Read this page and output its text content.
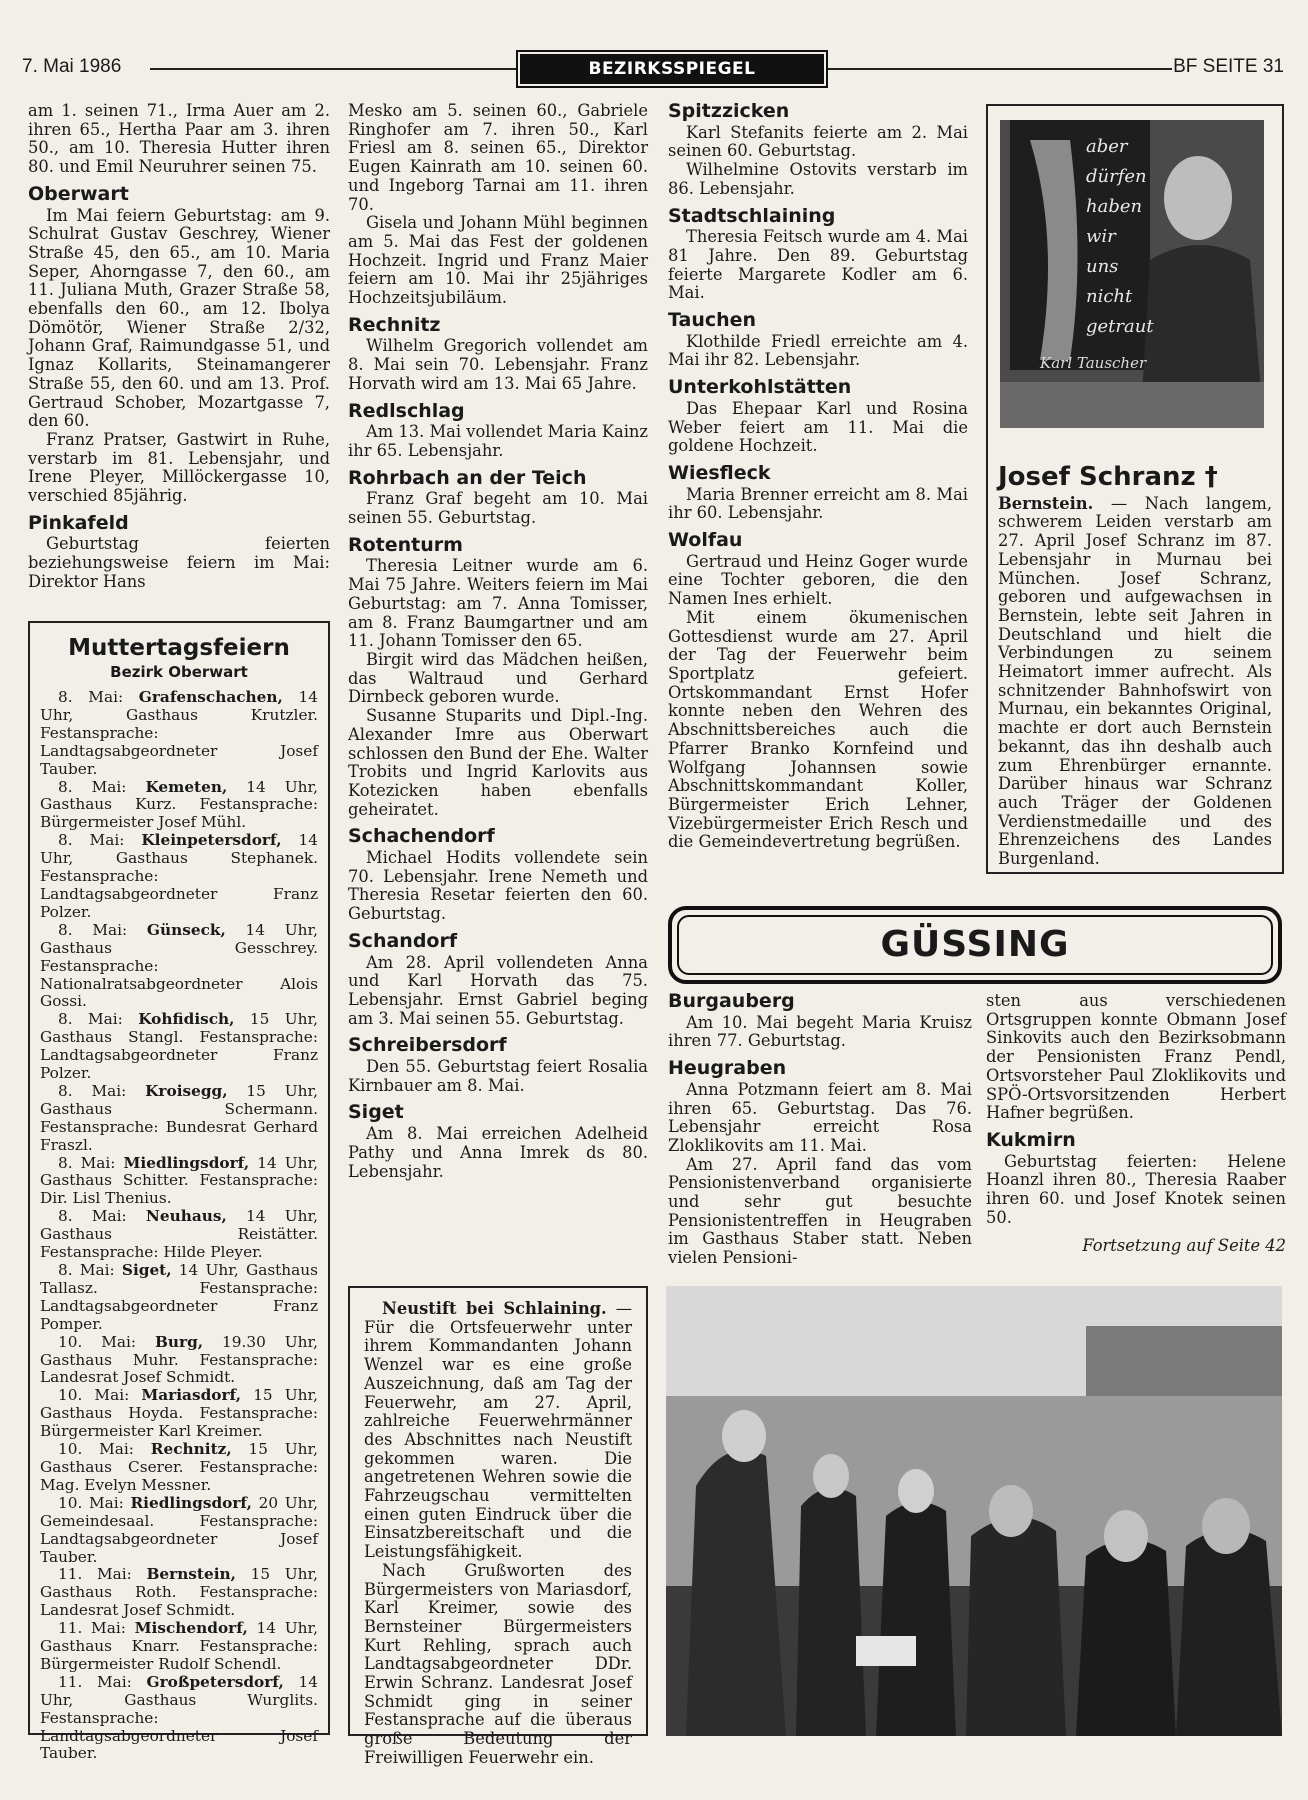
7. Mai 1986	BEZIRKSSPIEGEL	BF SEITE 31

am 1. seinen 71., Irma Auer am 2. ihren 65., Hertha Paar am 3. ihren 50., am 10. Theresia Hutter ihren 80. und Emil Neuruhrer seinen 75.

Oberwart

Im Mai feiern Geburtstag: am 9. Schulrat Gustav Geschrey, Wiener Straße 45, den 65., am 10. Maria Seper, Ahorngasse 7, den 60., am 11. Juliana Muth, Grazer Straße 58, ebenfalls den 60., am 12. Ibolya Dömötör, Wiener Straße 2/32, Johann Graf, Raimundgasse 51, und Ignaz Kollarits, Steinamangerer Straße 55, den 60. und am 13. Prof. Gertraud Schober, Mozartgasse 7, den 60.

Franz Pratser, Gastwirt in Ruhe, verstarb im 81. Lebensjahr, und Irene Pleyer, Millöckergasse 10, verschied 85jährig.

Pinkafeld

Geburtstag feierten beziehungsweise feiern im Mai: Direktor Hans

Muttertagsfeiern
Bezirk Oberwart

8. Mai: Grafenschachen, 14 Uhr, Gasthaus Krutzler. Festansprache: Landtagsabgeordneter Josef Tauber.

8. Mai: Kemeten, 14 Uhr, Gasthaus Kurz. Festansprache: Bürgermeister Josef Mühl.

8. Mai: Kleinpetersdorf, 14 Uhr, Gasthaus Stephanek. Festansprache: Landtagsabgeordneter Franz Polzer.

8. Mai: Günseck, 14 Uhr, Gasthaus Gesschrey. Festansprache: Nationalratsabgeordneter Alois Gossi.

8. Mai: Kohfidisch, 15 Uhr, Gasthaus Stangl. Festansprache: Landtagsabgeordneter Franz Polzer.

8. Mai: Kroisegg, 15 Uhr, Gasthaus Schermann. Festansprache: Bundesrat Gerhard Fraszl.

8. Mai: Miedlingsdorf, 14 Uhr, Gasthaus Schitter. Festansprache: Dir. Lisl Thenius.

8. Mai: Neuhaus, 14 Uhr, Gasthaus Reistätter. Festansprache: Hilde Pleyer.

8. Mai: Siget, 14 Uhr, Gasthaus Tallasz. Festansprache: Landtagsabgeordneter Franz Pomper.

10. Mai: Burg, 19.30 Uhr, Gasthaus Muhr. Festansprache: Landesrat Josef Schmidt.

10. Mai: Mariasdorf, 15 Uhr, Gasthaus Hoyda. Festansprache: Bürgermeister Karl Kreimer.

10. Mai: Rechnitz, 15 Uhr, Gasthaus Cserer. Festansprache: Mag. Evelyn Messner.

10. Mai: Riedlingsdorf, 20 Uhr, Gemeindesaal. Festansprache: Landtagsabgeordneter Josef Tauber.

11. Mai: Bernstein, 15 Uhr, Gasthaus Roth. Festansprache: Landesrat Josef Schmidt.

11. Mai: Mischendorf, 14 Uhr, Gasthaus Knarr. Festansprache: Bürgermeister Rudolf Schendl.

11. Mai: Großpetersdorf, 14 Uhr, Gasthaus Wurglits. Festansprache: Landtagsabgeordneter Josef Tauber.

Mesko am 5. seinen 60., Gabriele Ringhofer am 7. ihren 50., Karl Friesl am 8. seinen 65., Direktor Eugen Kainrath am 10. seinen 60. und Ingeborg Tarnai am 11. ihren 70.

Gisela und Johann Mühl beginnen am 5. Mai das Fest der goldenen Hochzeit. Ingrid und Franz Maier feiern am 10. Mai ihr 25jähriges Hochzeitsjubiläum.

Rechnitz

Wilhelm Gregorich vollendet am 8. Mai sein 70. Lebensjahr. Franz Horvath wird am 13. Mai 65 Jahre.

Redlschlag

Am 13. Mai vollendet Maria Kainz ihr 65. Lebensjahr.

Rohrbach an der Teich

Franz Graf begeht am 10. Mai seinen 55. Geburtstag.

Rotenturm

Theresia Leitner wurde am 6. Mai 75 Jahre. Weiters feiern im Mai Geburtstag: am 7. Anna Tomisser, am 8. Franz Baumgartner und am 11. Johann Tomisser den 65.

Birgit wird das Mädchen heißen, das Waltraud und Gerhard Dirnbeck geboren wurde.

Susanne Stuparits und Dipl.-Ing. Alexander Imre aus Oberwart schlossen den Bund der Ehe. Walter Trobits und Ingrid Karlovits aus Kotezicken haben ebenfalls geheiratet.

Schachendorf

Michael Hodits vollendete sein 70. Lebensjahr. Irene Nemeth und Theresia Resetar feierten den 60. Geburtstag.

Schandorf

Am 28. April vollendeten Anna und Karl Horvath das 75. Lebensjahr. Ernst Gabriel beging am 3. Mai seinen 55. Geburtstag.

Schreibersdorf

Den 55. Geburtstag feiert Rosalia Kirnbauer am 8. Mai.

Siget

Am 8. Mai erreichen Adelheid Pathy und Anna Imrek ds 80. Lebensjahr.

Spitzzicken

Karl Stefanits feierte am 2. Mai seinen 60. Geburtstag.

Wilhelmine Ostovits verstarb im 86. Lebensjahr.

Stadtschlaining

Theresia Feitsch wurde am 4. Mai 81 Jahre. Den 89. Geburtstag feierte Margarete Kodler am 6. Mai.

Tauchen

Klothilde Friedl erreichte am 4. Mai ihr 82. Lebensjahr.

Unterkohlstätten

Das Ehepaar Karl und Rosina Weber feiert am 11. Mai die goldene Hochzeit.

Wiesfleck

Maria Brenner erreicht am 8. Mai ihr 60. Lebensjahr.

Wolfau

Gertraud und Heinz Goger wurde eine Tochter geboren, die den Namen Ines erhielt.

Mit einem ökumenischen Gottesdienst wurde am 27. April der Tag der Feuerwehr beim Sportplatz gefeiert. Ortskommandant Ernst Hofer konnte neben den Wehren des Abschnittsbereiches auch die Pfarrer Branko Kornfeind und Wolfgang Johannsen sowie Abschnittskommandant Koller, Bürgermeister Erich Lehner, Vizebürgermeister Erich Resch und die Gemeindevertretung begrüßen.

aber dürfen haben wir uns nicht getraut
Karl Tauscher
Josef Schranz †

Bernstein. — Nach langem, schwerem Leiden verstarb am 27. April Josef Schranz im 87. Lebensjahr in Murnau bei München. Josef Schranz, geboren und aufgewachsen in Bernstein, lebte seit Jahren in Deutschland und hielt die Verbindungen zu seinem Heimatort immer aufrecht. Als schnitzender Bahnhofswirt von Murnau, ein bekanntes Original, machte er dort auch Bernstein bekannt, das ihn deshalb auch zum Ehrenbürger ernannte. Darüber hinaus war Schranz auch Träger der Goldenen Verdienstmedaille und des Ehrenzeichens des Landes Burgenland.

GÜSSING
Burgauberg

Am 10. Mai begeht Maria Kruisz ihren 77. Geburtstag.

Heugraben

Anna Potzmann feiert am 8. Mai ihren 65. Geburtstag. Das 76. Lebensjahr erreicht Rosa Zloklikovits am 11. Mai.

Am 27. April fand das vom Pensionistenverband organisierte und sehr gut besuchte Pensionistentreffen in Heugraben im Gasthaus Staber statt. Neben vielen Pensioni-

sten aus verschiedenen Ortsgruppen konnte Obmann Josef Sinkovits auch den Bezirksobmann der Pensionisten Franz Pendl, Ortsvorsteher Paul Zloklikovits und SPÖ-Ortsvorsitzenden Herbert Hafner begrüßen.

Kukmirn

Geburtstag feierten: Helene Hoanzl ihren 80., Theresia Raaber ihren 60. und Josef Knotek seinen 50.

Fortsetzung auf Seite 42

Neustift bei Schlaining. — Für die Ortsfeuerwehr unter ihrem Kommandanten Johann Wenzel war es eine große Auszeichnung, daß am Tag der Feuerwehr, am 27. April, zahlreiche Feuerwehrmänner des Abschnittes nach Neustift gekommen waren. Die angetretenen Wehren sowie die Fahrzeugschau vermittelten einen guten Eindruck über die Einsatzbereitschaft und die Leistungsfähigkeit.

Nach Grußworten des Bürgermeisters von Mariasdorf, Karl Kreimer, sowie des Bernsteiner Bürgermeisters Kurt Rehling, sprach auch Landtagsabgeordneter DDr. Erwin Schranz. Landesrat Josef Schmidt ging in seiner Festansprache auf die überaus große Bedeutung der Freiwilligen Feuerwehr ein.
